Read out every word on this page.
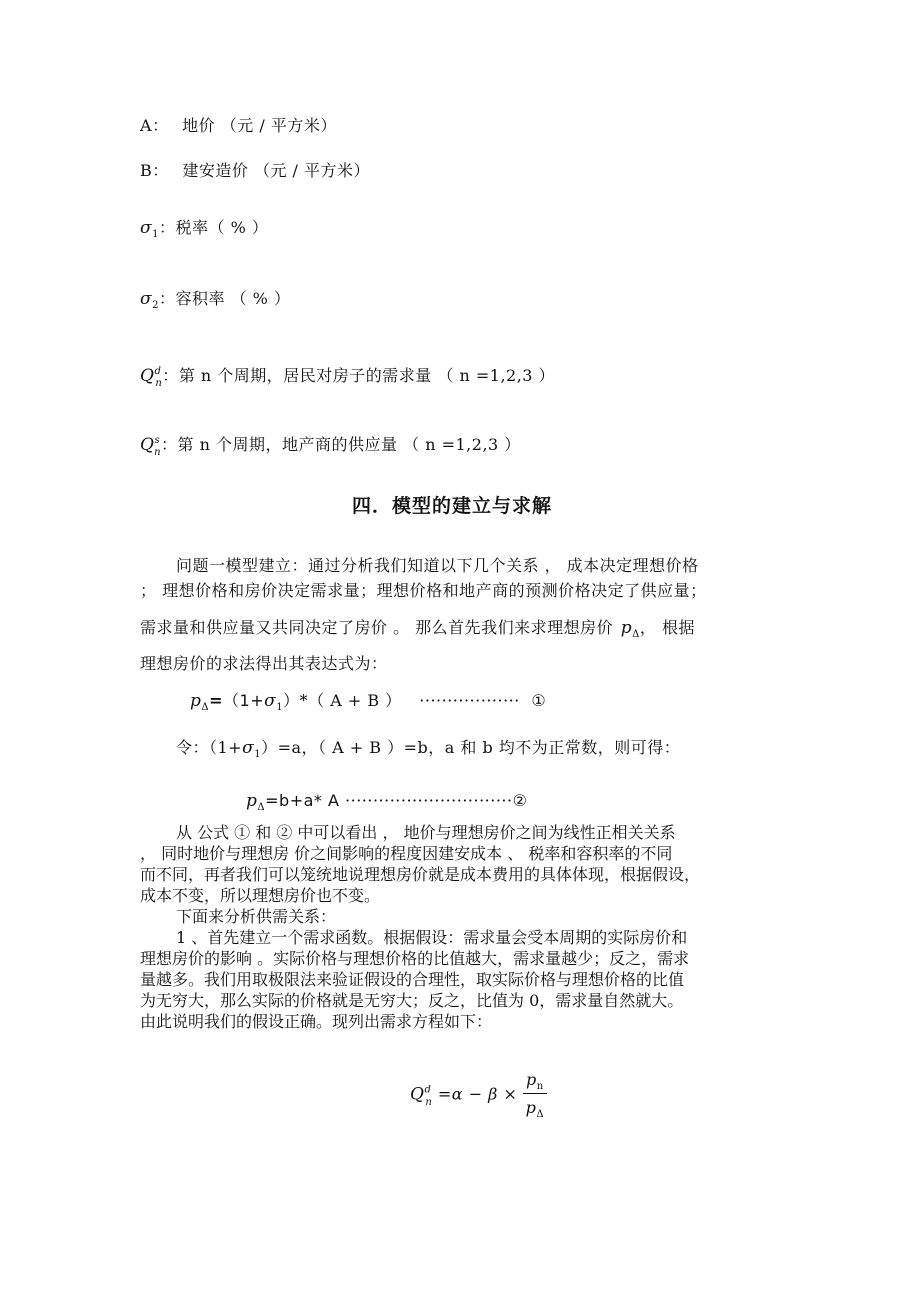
A： 地价 （元 / 平方米）
B： 建安造价 （元 / 平方米）
$\sigma_1$：税率（ % ）
$\sigma_2$：容积率 （ % ）
$Q^d_n$：第 n 个周期，居民对房子的需求量 （ n =1,2,3 ）
$Q^s_n$：第 n 个周期，地产商的供应量 （ n =1,2,3 ）
四．模型的建立与求解
问题一模型建立：通过分析我们知道以下几个关系 ， 成本决定理想价格
； 理想价格和房价决定需求量；理想价格和地产商的预测价格决定了供应量；
需求量和供应量又共同决定了房价 。 那么首先我们来求理想房价 $p_\Delta$， 根据
理想房价的求法得出其表达式为：
$p_\Delta=(1+\sigma_1)*$（ A + B ） ·················· ①
令：$(1+\sigma_1)=a$，（ A + B ）=b，a 和 b 均不为正常数，则可得：
$p_\Delta=b+a*$ A ······························②

从 公式 ① 和 ② 中可以看出 ， 地价与理想房价之间为线性正相关关系

， 同时地价与理想房 价之间影响的程度因建安成本 、 税率和容积率的不同

而不同，再者我们可以笼统地说理想房价就是成本费用的具体体现，根据假设，

成本不变，所以理想房价也不变。

下面来分析供需关系：

1 、首先建立一个需求函数。根据假设：需求量会受本周期的实际房价和

理想房价的影响 。实际价格与理想价格的比值越大，需求量越少；反之，需求

量越多。我们用取极限法来验证假设的合理性，取实际价格与理想价格的比值

为无穷大，那么实际的价格就是无穷大；反之，比值为 0，需求量自然就大。

由此说明我们的假设正确。现列出需求方程如下：

$Q^d_n =\alpha - \beta \times \frac{p_n}{p_\Delta}$
